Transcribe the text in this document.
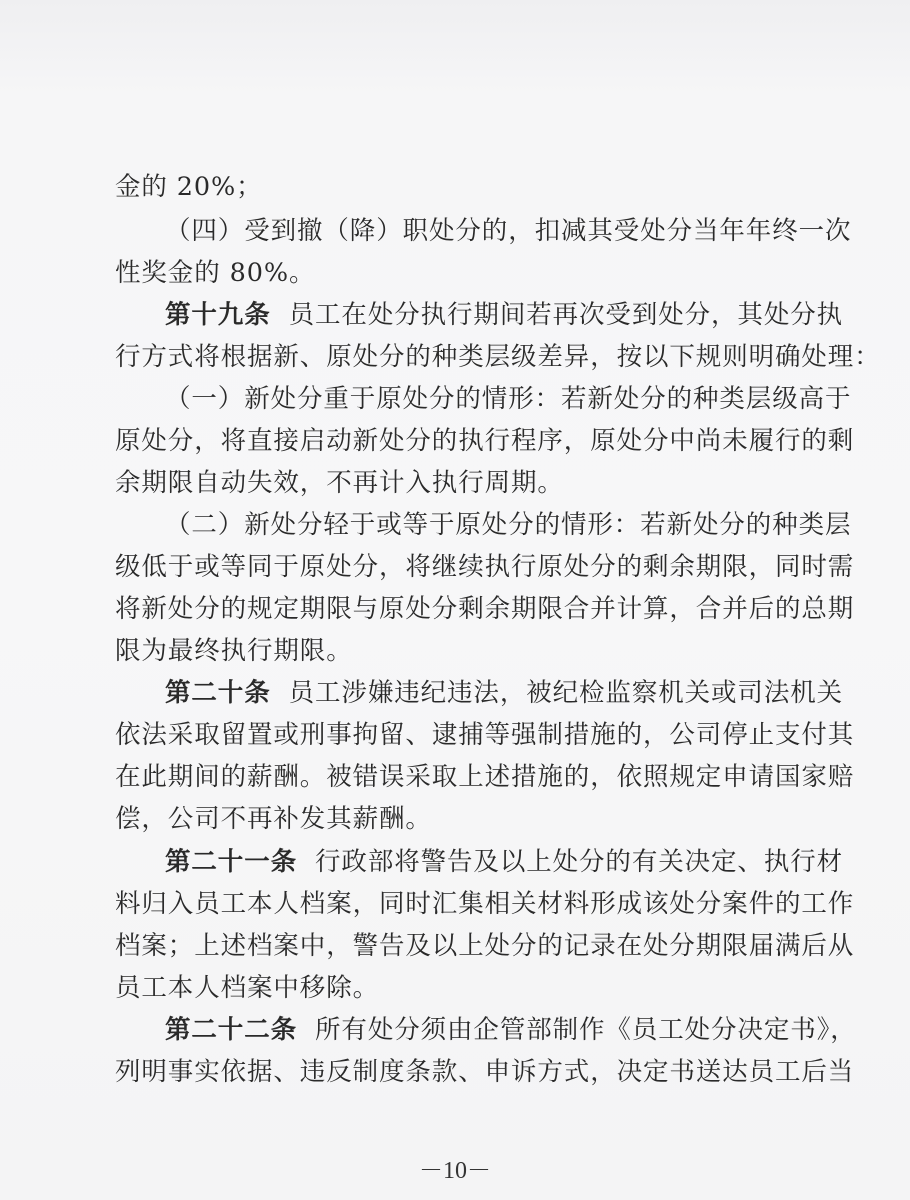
金的 20%；
（四）受到撤（降）职处分的，扣减其受处分当年年终一次
性奖金的 80%。
第十九条 员工在处分执行期间若再次受到处分，其处分执
行方式将根据新、原处分的种类层级差异，按以下规则明确处理：
（一）新处分重于原处分的情形：若新处分的种类层级高于
原处分，将直接启动新处分的执行程序，原处分中尚未履行的剩
余期限自动失效，不再计入执行周期。
（二）新处分轻于或等于原处分的情形：若新处分的种类层
级低于或等同于原处分，将继续执行原处分的剩余期限，同时需
将新处分的规定期限与原处分剩余期限合并计算，合并后的总期
限为最终执行期限。
第二十条 员工涉嫌违纪违法，被纪检监察机关或司法机关
依法采取留置或刑事拘留、逮捕等强制措施的，公司停止支付其
在此期间的薪酬。被错误采取上述措施的，依照规定申请国家赔
偿，公司不再补发其薪酬。
第二十一条 行政部将警告及以上处分的有关决定、执行材
料归入员工本人档案，同时汇集相关材料形成该处分案件的工作
档案；上述档案中，警告及以上处分的记录在处分期限届满后从
员工本人档案中移除。
第二十二条 所有处分须由企管部制作《员工处分决定书》，
列明事实依据、违反制度条款、申诉方式，决定书送达员工后当
－10－
